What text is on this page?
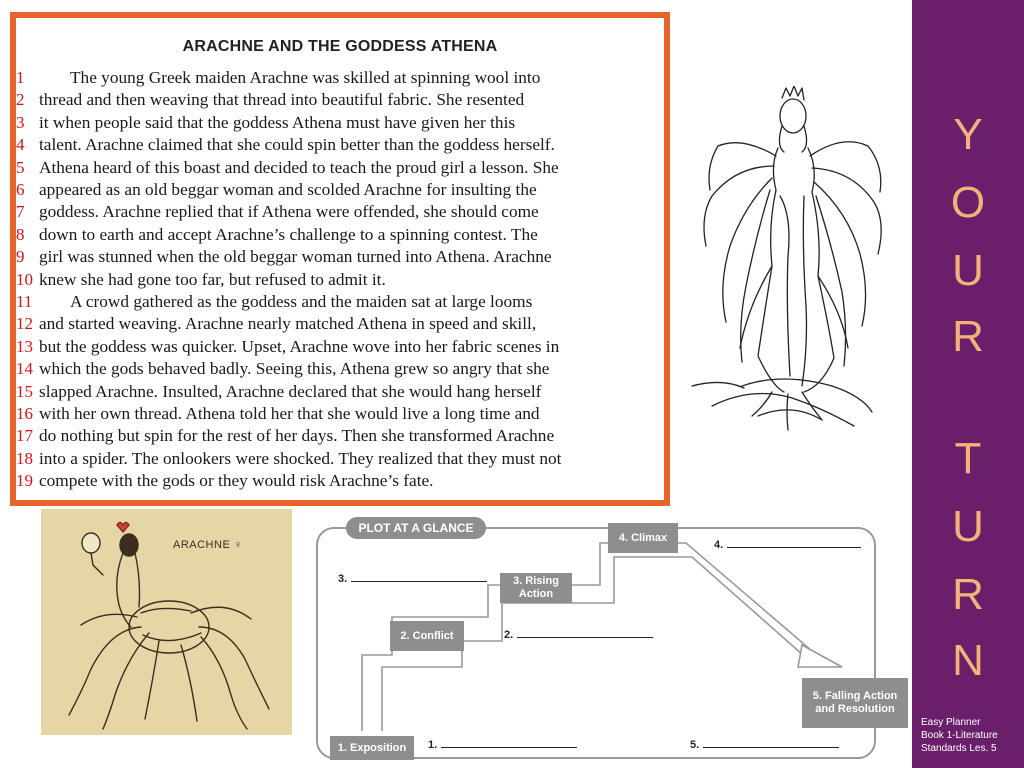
ARACHNE AND THE GODDESS ATHENA
1	The young Greek maiden Arachne was skilled at spinning wool into
2 thread and then weaving that thread into beautiful fabric. She resented
3 it when people said that the goddess Athena must have given her this
4 talent. Arachne claimed that she could spin better than the goddess herself.
5 Athena heard of this boast and decided to teach the proud girl a lesson. She
6 appeared as an old beggar woman and scolded Arachne for insulting the
7 goddess. Arachne replied that if Athena were offended, she should come
8 down to earth and accept Arachne’s challenge to a spinning contest. The
9 girl was stunned when the old beggar woman turned into Athena. Arachne
10 knew she had gone too far, but refused to admit it.
11	A crowd gathered as the goddess and the maiden sat at large looms
12 and started weaving. Arachne nearly matched Athena in speed and skill,
13 but the goddess was quicker. Upset, Arachne wove into her fabric scenes in
14 which the gods behaved badly. Seeing this, Athena grew so angry that she
15 slapped Arachne. Insulted, Arachne declared that she would hang herself
16 with her own thread. Athena told her that she would live a long time and
17 do nothing but spin for the rest of her days. Then she transformed Arachne
18 into a spider. The onlookers were shocked. They realized that they must not
19 compete with the gods or they would risk Arachne’s fate.
ARACHNE ♀
PLOT AT A GLANCE
1. Exposition
2. Conflict
3. Rising Action
4. Climax
5. Falling Action and Resolution
1.
2.
3.
4.
5.
Y
O
U
R
T
U
R
N
Easy Planner
Book 1-Literature
Standards Les. 5
